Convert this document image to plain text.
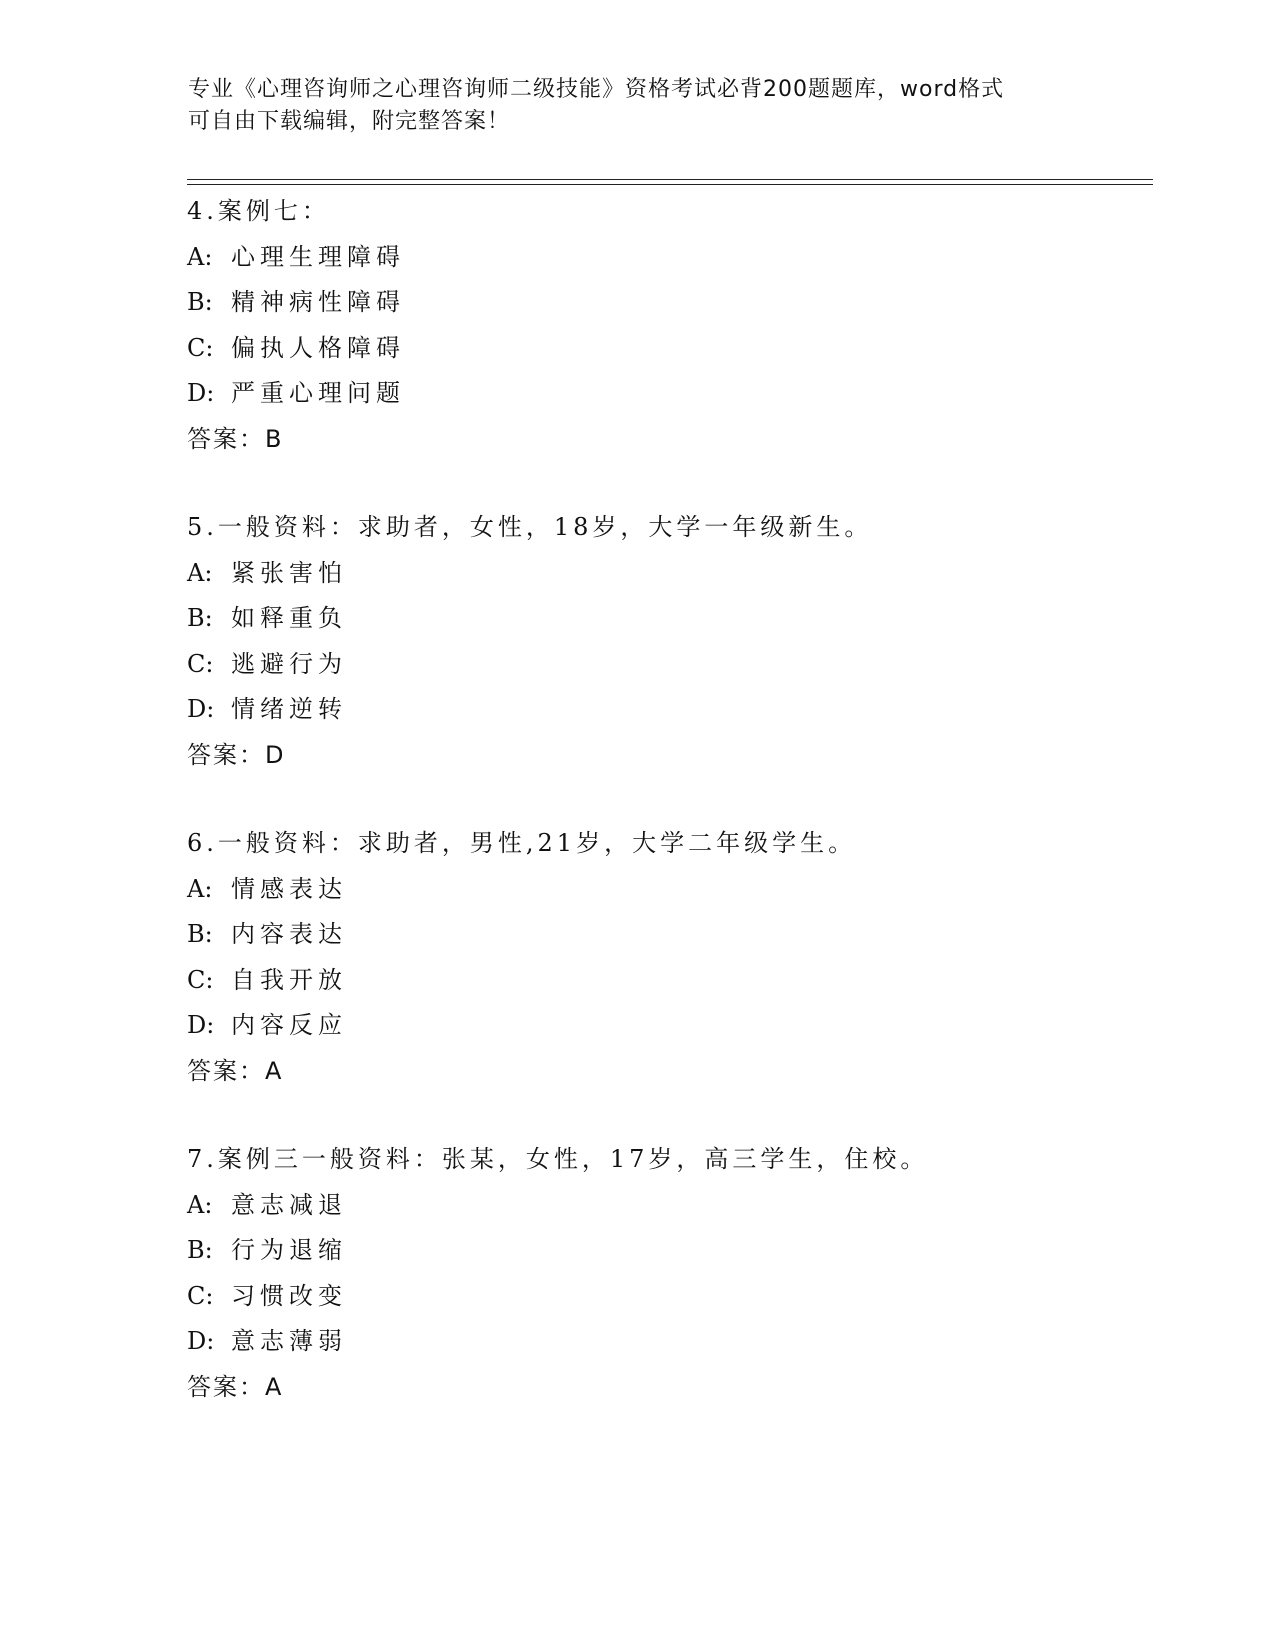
专业《心理咨询师之心理咨询师二级技能》资格考试必背200题题库，word格式
可自由下载编辑，附完整答案！
4.案例七：
A: 心理生理障碍
B: 精神病性障碍
C: 偏执人格障碍
D: 严重心理问题
答案：B
5.一般资料：求助者，女性，18岁，大学一年级新生。
A: 紧张害怕
B: 如释重负
C: 逃避行为
D: 情绪逆转
答案：D
6.一般资料：求助者，男性,21岁，大学二年级学生。
A: 情感表达
B: 内容表达
C: 自我开放
D: 内容反应
答案：A
7.案例三一般资料：张某，女性，17岁，高三学生，住校。
A: 意志减退
B: 行为退缩
C: 习惯改变
D: 意志薄弱
答案：A
